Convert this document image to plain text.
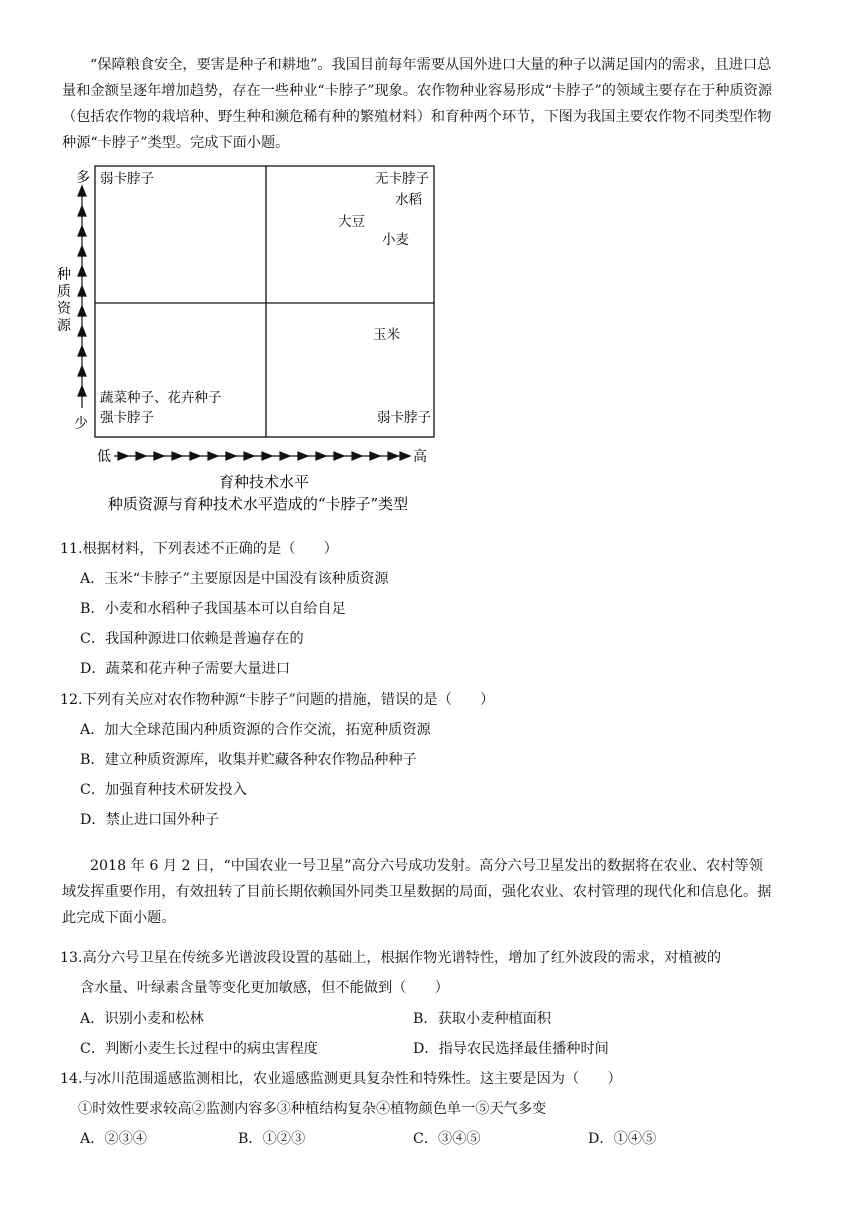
“保障粮食安全，要害是种子和耕地”。我国目前每年需要从国外进口大量的种子以满足国内的需求，且进口总量和金额呈逐年增加趋势，存在一些种业“卡脖子”现象。农作物种业容易形成“卡脖子”的领域主要存在于种质资源（包括农作物的栽培种、野生种和濒危稀有种的繁殖材料）和育种两个环节，下图为我国主要农作物不同类型作物种源“卡脖子”类型。完成下面小题。
多
少
种
质
资
源
低	高
育种技术水平
种质资源与育种技术水平造成的“卡脖子”类型
弱卡脖子	无卡脖子
水稻
大豆
小麦
玉米
蔬菜种子、花卉种子
强卡脖子	弱卡脖子
11.根据材料，下列表述不正确的是（　　）
A．玉米“卡脖子”主要原因是中国没有该种质资源
B．小麦和水稻种子我国基本可以自给自足
C．我国种源进口依赖是普遍存在的
D．蔬菜和花卉种子需要大量进口
12.下列有关应对农作物种源“卡脖子”问题的措施，错误的是（　　）
A．加大全球范围内种质资源的合作交流，拓宽种质资源
B．建立种质资源库，收集并贮藏各种农作物品种种子
C．加强育种技术研发投入
D．禁止进口国外种子
2018 年 6 月 2 日，“中国农业一号卫星”高分六号成功发射。高分六号卫星发出的数据将在农业、农村等领域发挥重要作用，有效扭转了目前长期依赖国外同类卫星数据的局面，强化农业、农村管理的现代化和信息化。据此完成下面小题。
13.高分六号卫星在传统多光谱波段设置的基础上，根据作物光谱特性，增加了红外波段的需求，对植被的
含水量、叶绿素含量等变化更加敏感，但不能做到（　　）
A．识别小麦和松林	B．获取小麦种植面积
C．判断小麦生长过程中的病虫害程度	D．指导农民选择最佳播种时间
14.与冰川范围遥感监测相比，农业遥感监测更具复杂性和特殊性。这主要是因为（　　）
①时效性要求较高②监测内容多③种植结构复杂④植物颜色单一⑤天气多变
A．②③④	B．①②③	C．③④⑤	D．①④⑤
